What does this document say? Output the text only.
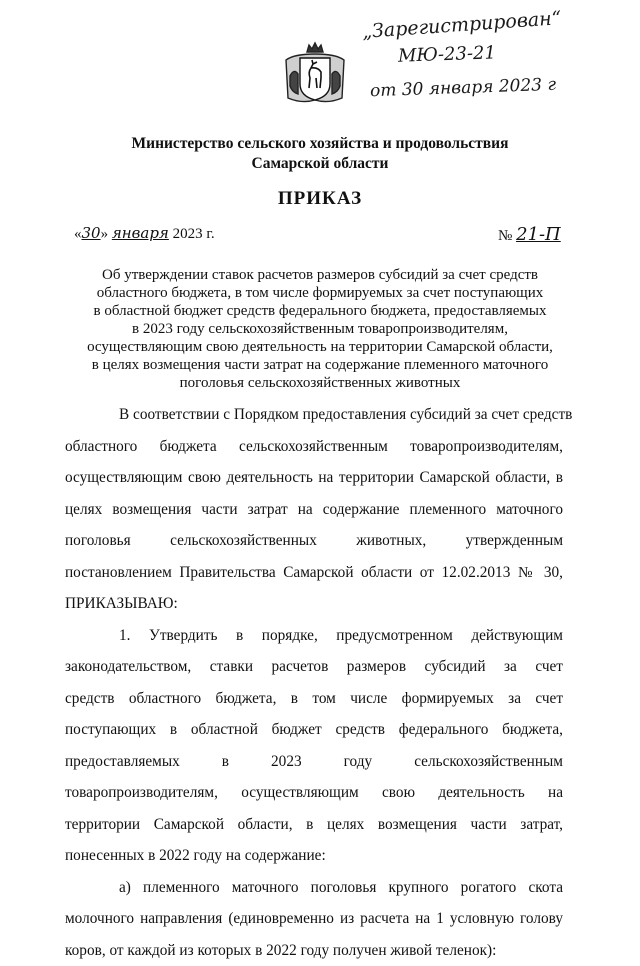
„Зарегистрирован“
МЮ-23-21
от 30 января 2023 г
Министерство сельского хозяйства и продовольствия
Самарской области
ПРИКАЗ
«30» января 2023 г.	№ 21-П
Об утверждении ставок расчетов размеров субсидий за счет средств
областного бюджета, в том числе формируемых за счет поступающих
в областной бюджет средств федерального бюджета, предоставляемых
в 2023 году сельскохозяйственным товаропроизводителям,
осуществляющим свою деятельность на территории Самарской области,
в целях возмещения части затрат на содержание племенного маточного
поголовья сельскохозяйственных животных
В соответствии с Порядком предоставления субсидий за счет средств
областного бюджета сельскохозяйственным товаропроизводителям,
осуществляющим свою деятельность на территории Самарской области, в
целях возмещения части затрат на содержание племенного маточного
поголовья сельскохозяйственных животных, утвержденным
постановлением Правительства Самарской области от 12.02.2013 № 30,
ПРИКАЗЫВАЮ:
1. Утвердить в порядке, предусмотренном действующим
законодательством, ставки расчетов размеров субсидий за счет
средств областного бюджета, в том числе формируемых за счет
поступающих в областной бюджет средств федерального бюджета,
предоставляемых в 2023 году сельскохозяйственным
товаропроизводителям, осуществляющим свою деятельность на
территории Самарской области, в целях возмещения части затрат,
понесенных в 2022 году на содержание:
а) племенного маточного поголовья крупного рогатого скота
молочного направления (единовременно из расчета на 1 условную голову
коров, от каждой из которых в 2022 году получен живой теленок):
